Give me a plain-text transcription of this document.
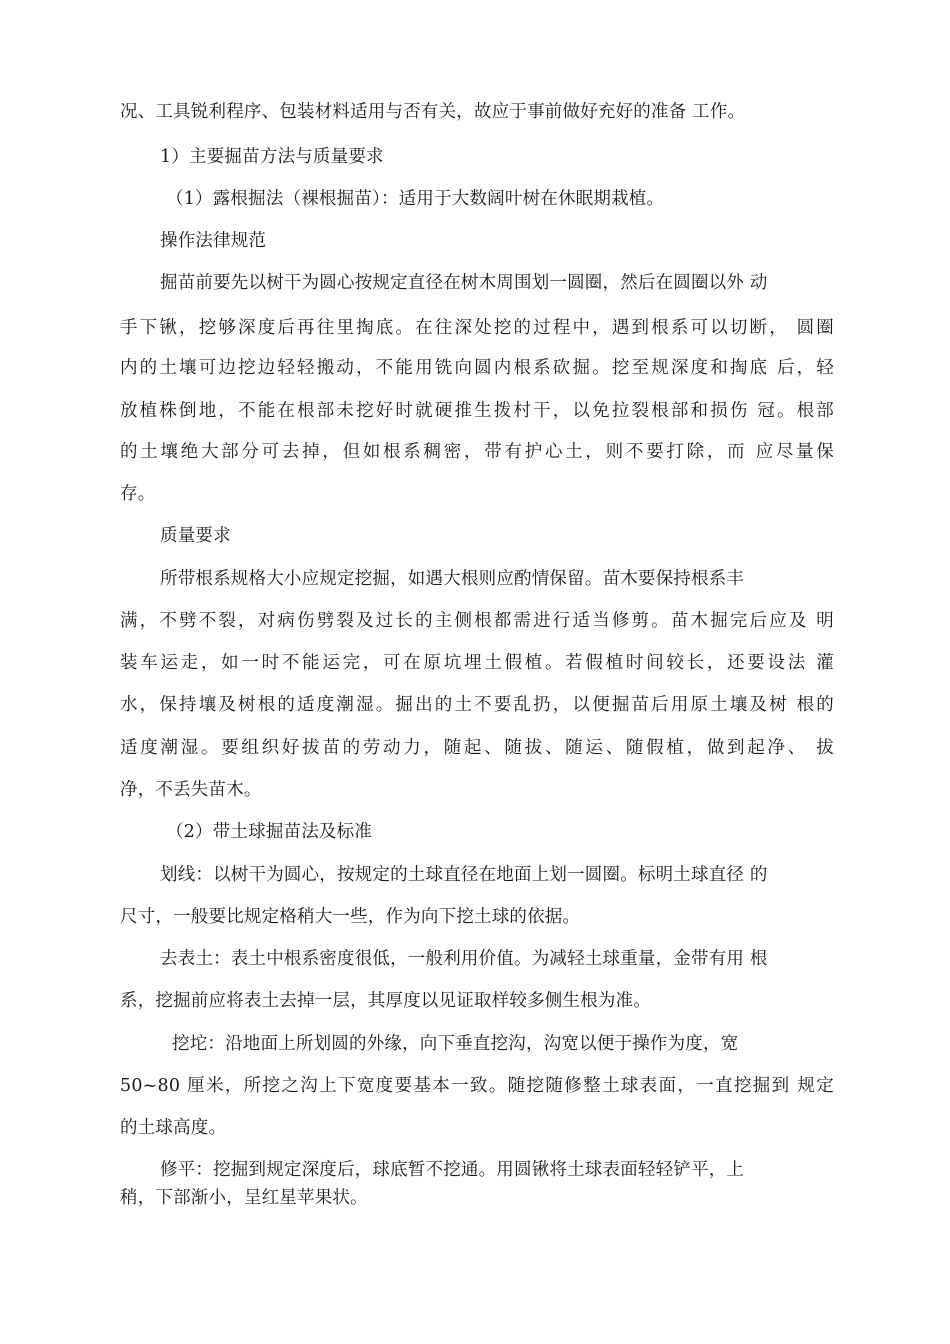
况、工具锐利程序、包装材料适用与否有关，故应于事前做好充好的准备 工作。
1）主要掘苗方法与质量要求
（1）露根掘法（裸根掘苗）：适用于大数阔叶树在休眠期栽植。
操作法律规范
掘苗前要先以树干为圆心按规定直径在树木周围划一圆圈，然后在圆圈以外 动
手下锹，挖够深度后再往里掏底。在往深处挖的过程中，遇到根系可以切断， 圆圈
内的土壤可边挖边轻轻搬动，不能用铣向圆内根系砍掘。挖至规深度和掏底 后，轻
放植株倒地，不能在根部未挖好时就硬推生拨村干，以免拉裂根部和损伤 冠。根部
的土壤绝大部分可去掉，但如根系稠密，带有护心土，则不要打除，而 应尽量保
存。
质量要求
所带根系规格大小应规定挖掘，如遇大根则应酌情保留。苗木要保持根系丰
满，不劈不裂，对病伤劈裂及过长的主侧根都需进行适当修剪。苗木掘完后应及 明
装车运走，如一时不能运完，可在原坑埋土假植。若假植时间较长，还要设法 灌
水，保持壤及树根的适度潮湿。掘出的土不要乱扔，以便掘苗后用原土壤及树 根的
适度潮湿。要组织好拔苗的劳动力，随起、随拔、随运、随假植，做到起净、 拔
净，不丢失苗木。
（2）带土球掘苗法及标准
划线：以树干为圆心，按规定的土球直径在地面上划一圆圈。标明土球直径 的
尺寸，一般要比规定格稍大一些，作为向下挖土球的依据。
去表土：表土中根系密度很低，一般利用价值。为减轻土球重量，金带有用 根
系，挖掘前应将表土去掉一层，其厚度以见证取样较多侧生根为准。
挖坨：沿地面上所划圆的外缘，向下垂直挖沟，沟宽以便于操作为度，宽
50~80 厘米，所挖之沟上下宽度要基本一致。随挖随修整土球表面，一直挖掘到 规定
的土球高度。
修平：挖掘到规定深度后，球底暂不挖通。用圆锹将土球表面轻轻铲平，上
稍，下部渐小，呈红星苹果状。
